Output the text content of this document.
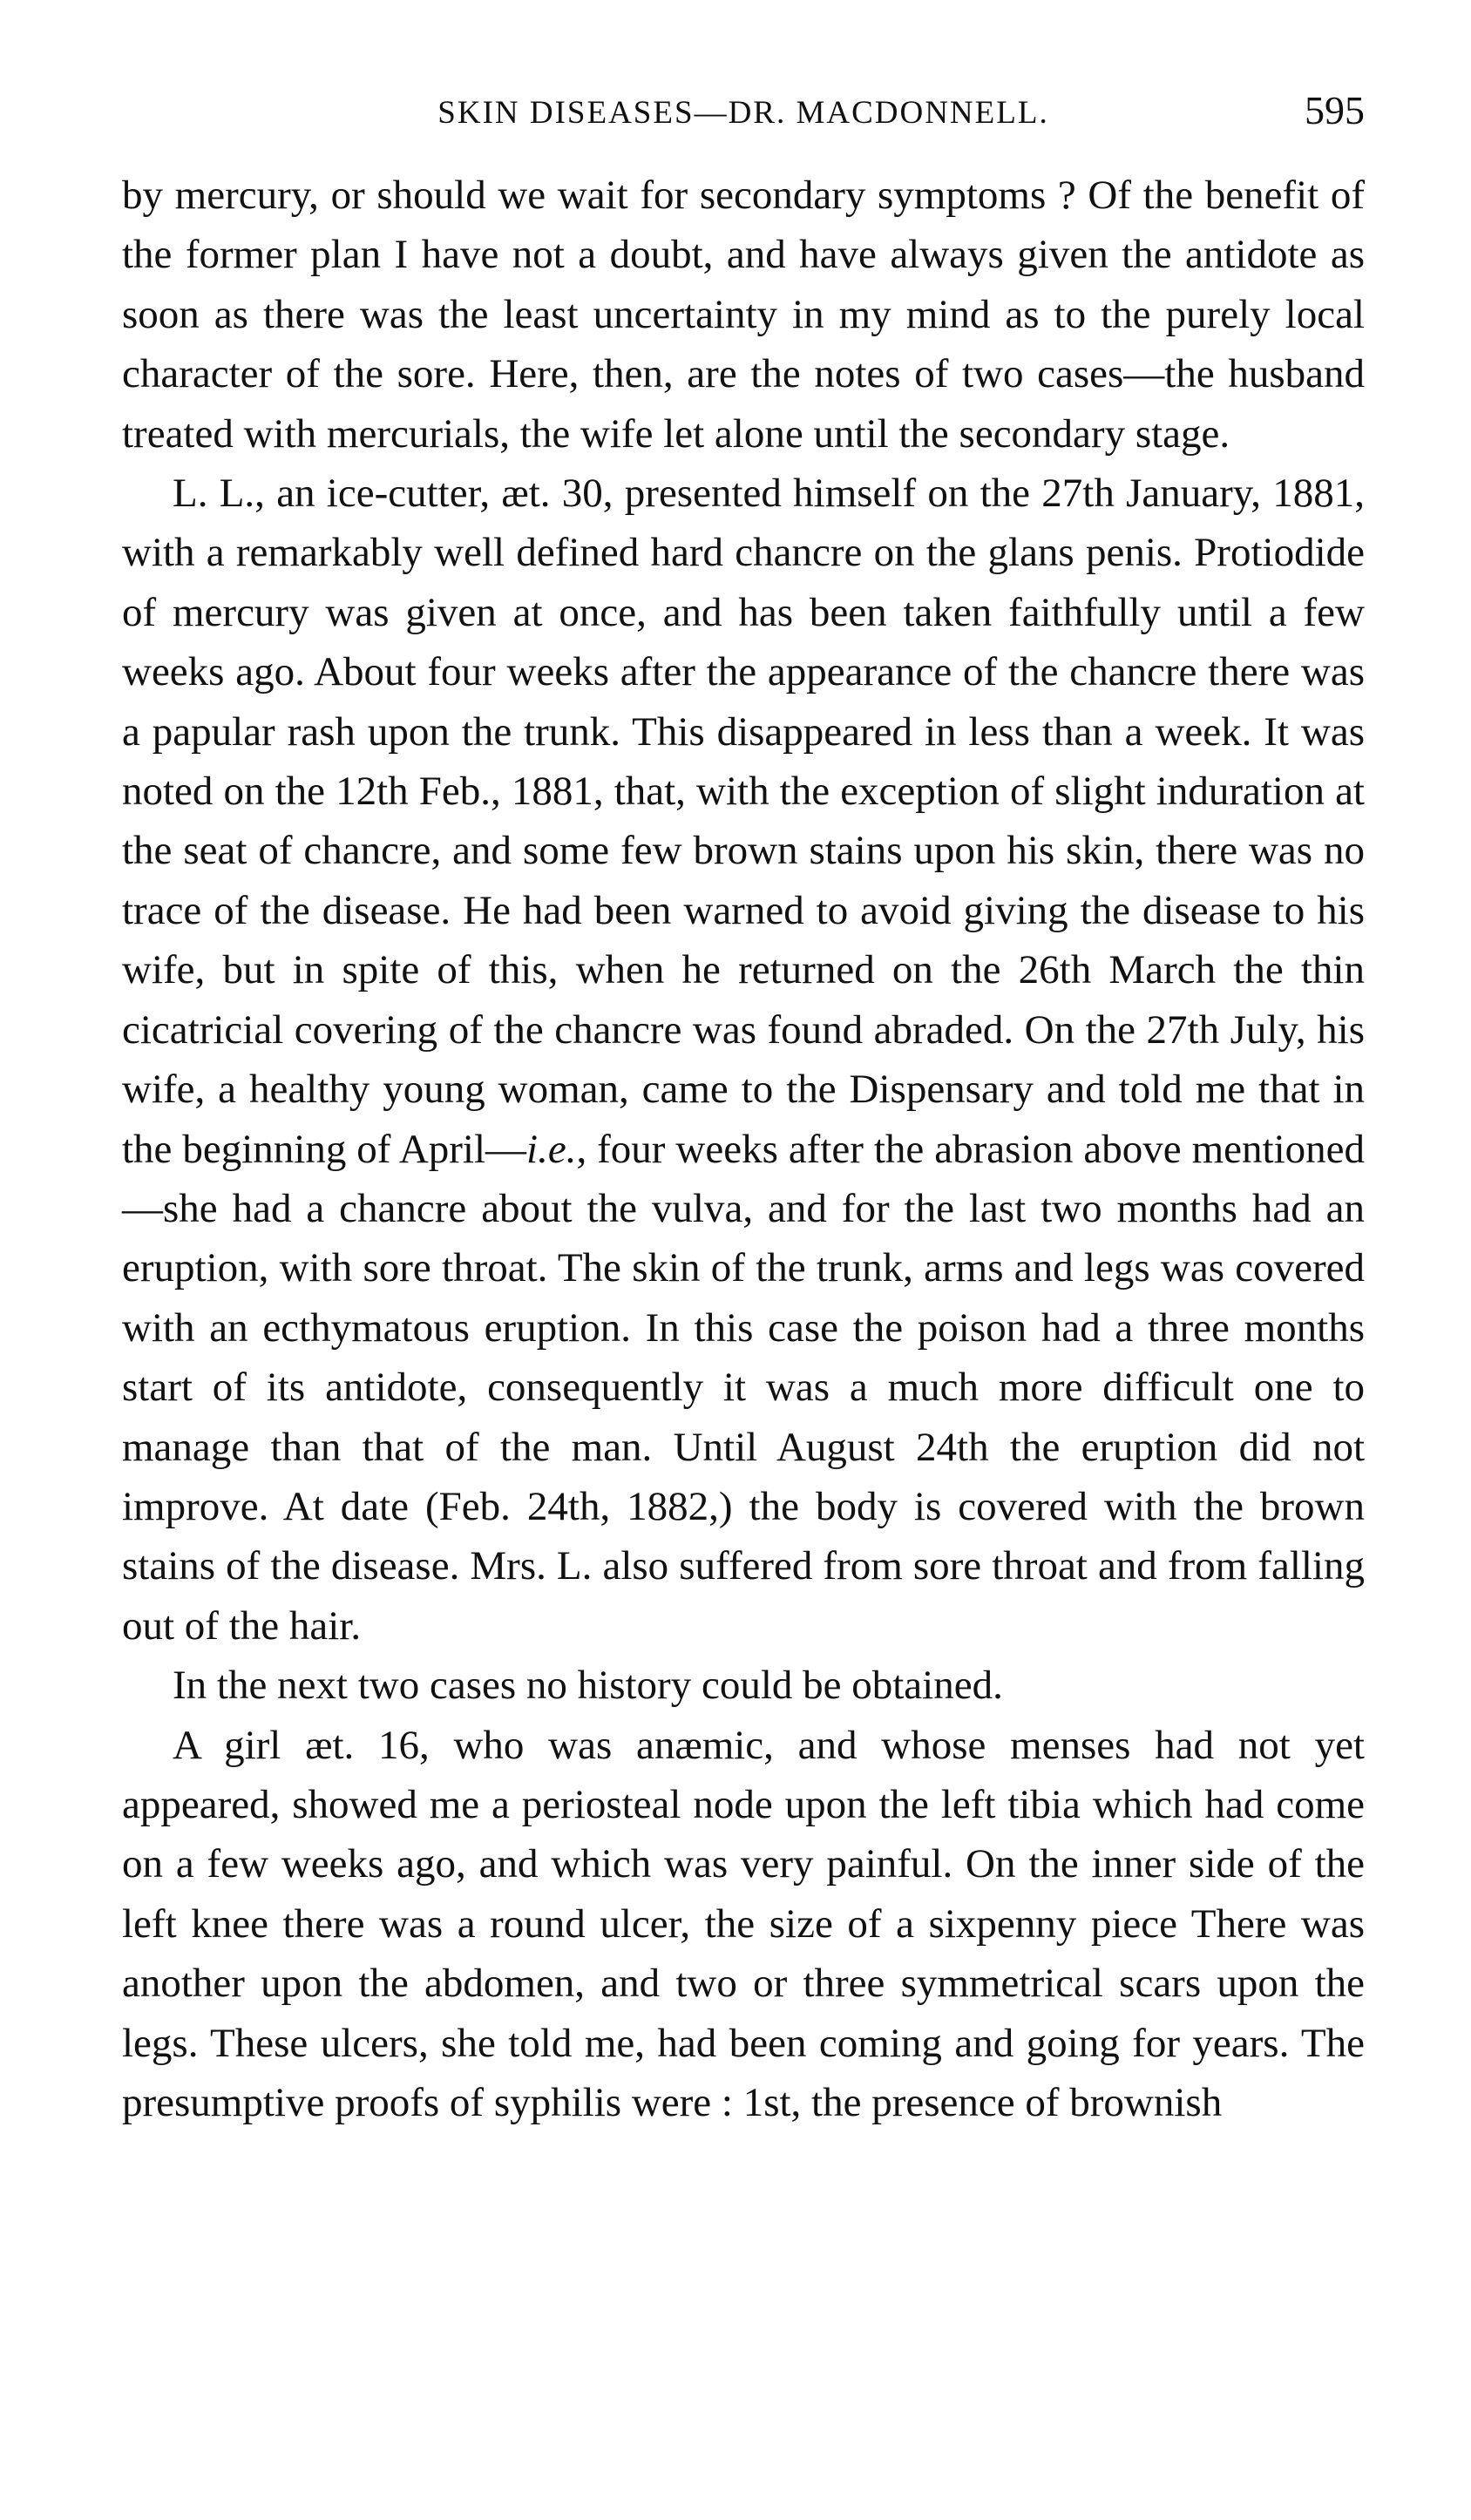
SKIN DISEASES—DR. MACDONNELL.	595

by mercury, or should we wait for secondary symptoms ? Of the benefit of the former plan I have not a doubt, and have always given the antidote as soon as there was the least uncertainty in my mind as to the purely local character of the sore. Here, then, are the notes of two cases—the husband treated with mercurials, the wife let alone until the secondary stage.

L. L., an ice-cutter, æt. 30, presented himself on the 27th January, 1881, with a remarkably well defined hard chancre on the glans penis. Protiodide of mercury was given at once, and has been taken faithfully until a few weeks ago. About four weeks after the appearance of the chancre there was a papular rash upon the trunk. This disappeared in less than a week. It was noted on the 12th Feb., 1881, that, with the exception of slight induration at the seat of chancre, and some few brown stains upon his skin, there was no trace of the disease. He had been warned to avoid giving the disease to his wife, but in spite of this, when he returned on the 26th March the thin cicatricial covering of the chancre was found abraded. On the 27th July, his wife, a healthy young woman, came to the Dispensary and told me that in the beginning of April—i.e., four weeks after the abrasion above mentioned—she had a chancre about the vulva, and for the last two months had an eruption, with sore throat. The skin of the trunk, arms and legs was covered with an ecthymatous eruption. In this case the poison had a three months start of its antidote, consequently it was a much more difficult one to manage than that of the man. Until August 24th the eruption did not improve. At date (Feb. 24th, 1882,) the body is covered with the brown stains of the disease. Mrs. L. also suffered from sore throat and from falling out of the hair.

In the next two cases no history could be obtained.

A girl æt. 16, who was anæmic, and whose menses had not yet appeared, showed me a periosteal node upon the left tibia which had come on a few weeks ago, and which was very painful. On the inner side of the left knee there was a round ulcer, the size of a sixpenny piece There was another upon the abdomen, and two or three symmetrical scars upon the legs. These ulcers, she told me, had been coming and going for years. The presumptive proofs of syphilis were : 1st, the presence of brownish
